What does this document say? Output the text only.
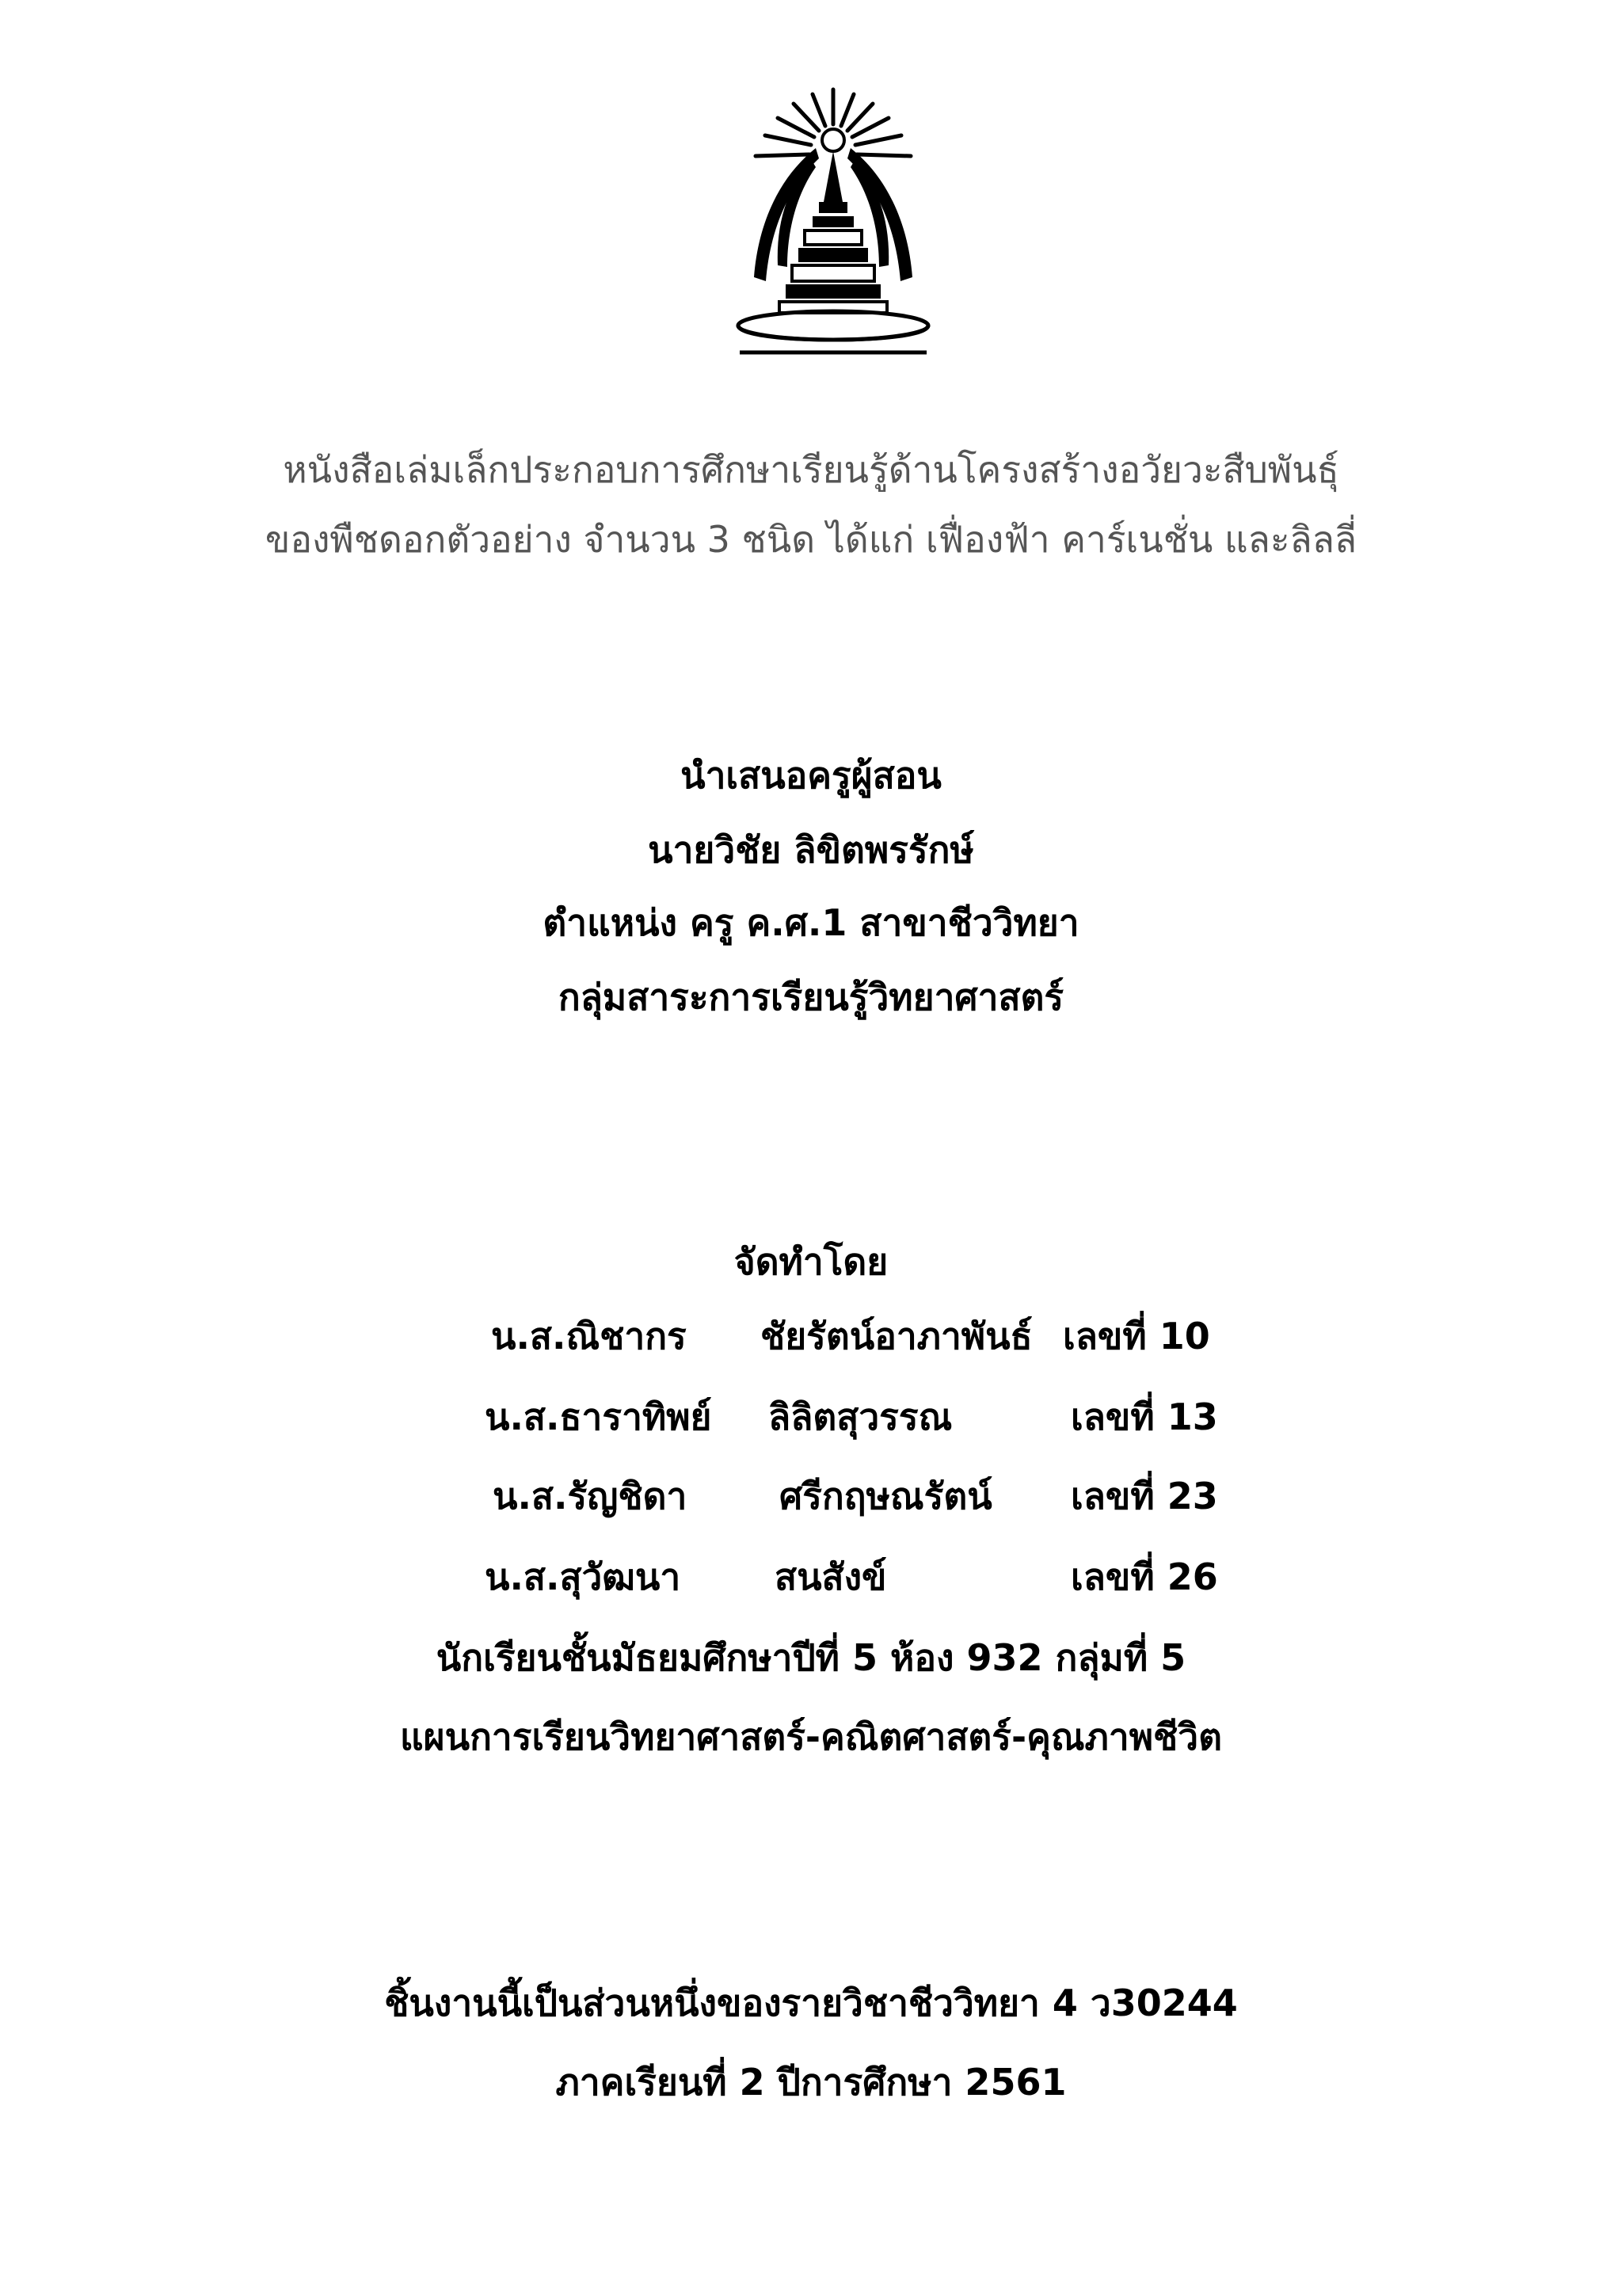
หนังสือเล่มเล็กประกอบการศึกษาเรียนรู้ด้านโครงสร้างอวัยวะสืบพันธุ์
ของพืชดอกตัวอย่าง จำนวน 3 ชนิด ได้แก่ เฟื่องฟ้า คาร์เนชั่น และลิลลี่
นำเสนอครูผู้สอน
นายวิชัย ลิขิตพรรักษ์
ตำแหน่ง ครู ค.ศ.1 สาขาชีววิทยา
กลุ่มสาระการเรียนรู้วิทยาศาสตร์
จัดทำโดย
น.ส.ณิชากร ชัยรัตน์อาภาพันธ์ เลขที่ 10
น.ส.ธาราทิพย์ ลิลิตสุวรรณ	เลขที่ 13
น.ส.รัญชิดา	ศรีกฤษณรัตน์ เลขที่ 23
น.ส.สุวัฒนา	สนสังข์	เลขที่ 26
นักเรียนชั้นมัธยมศึกษาปีที่ 5 ห้อง 932 กลุ่มที่ 5
แผนการเรียนวิทยาศาสตร์-คณิตศาสตร์-คุณภาพชีวิต
ชิ้นงานนี้เป็นส่วนหนึ่งของรายวิชาชีววิทยา 4 ว30244
ภาคเรียนที่ 2 ปีการศึกษา 2561
